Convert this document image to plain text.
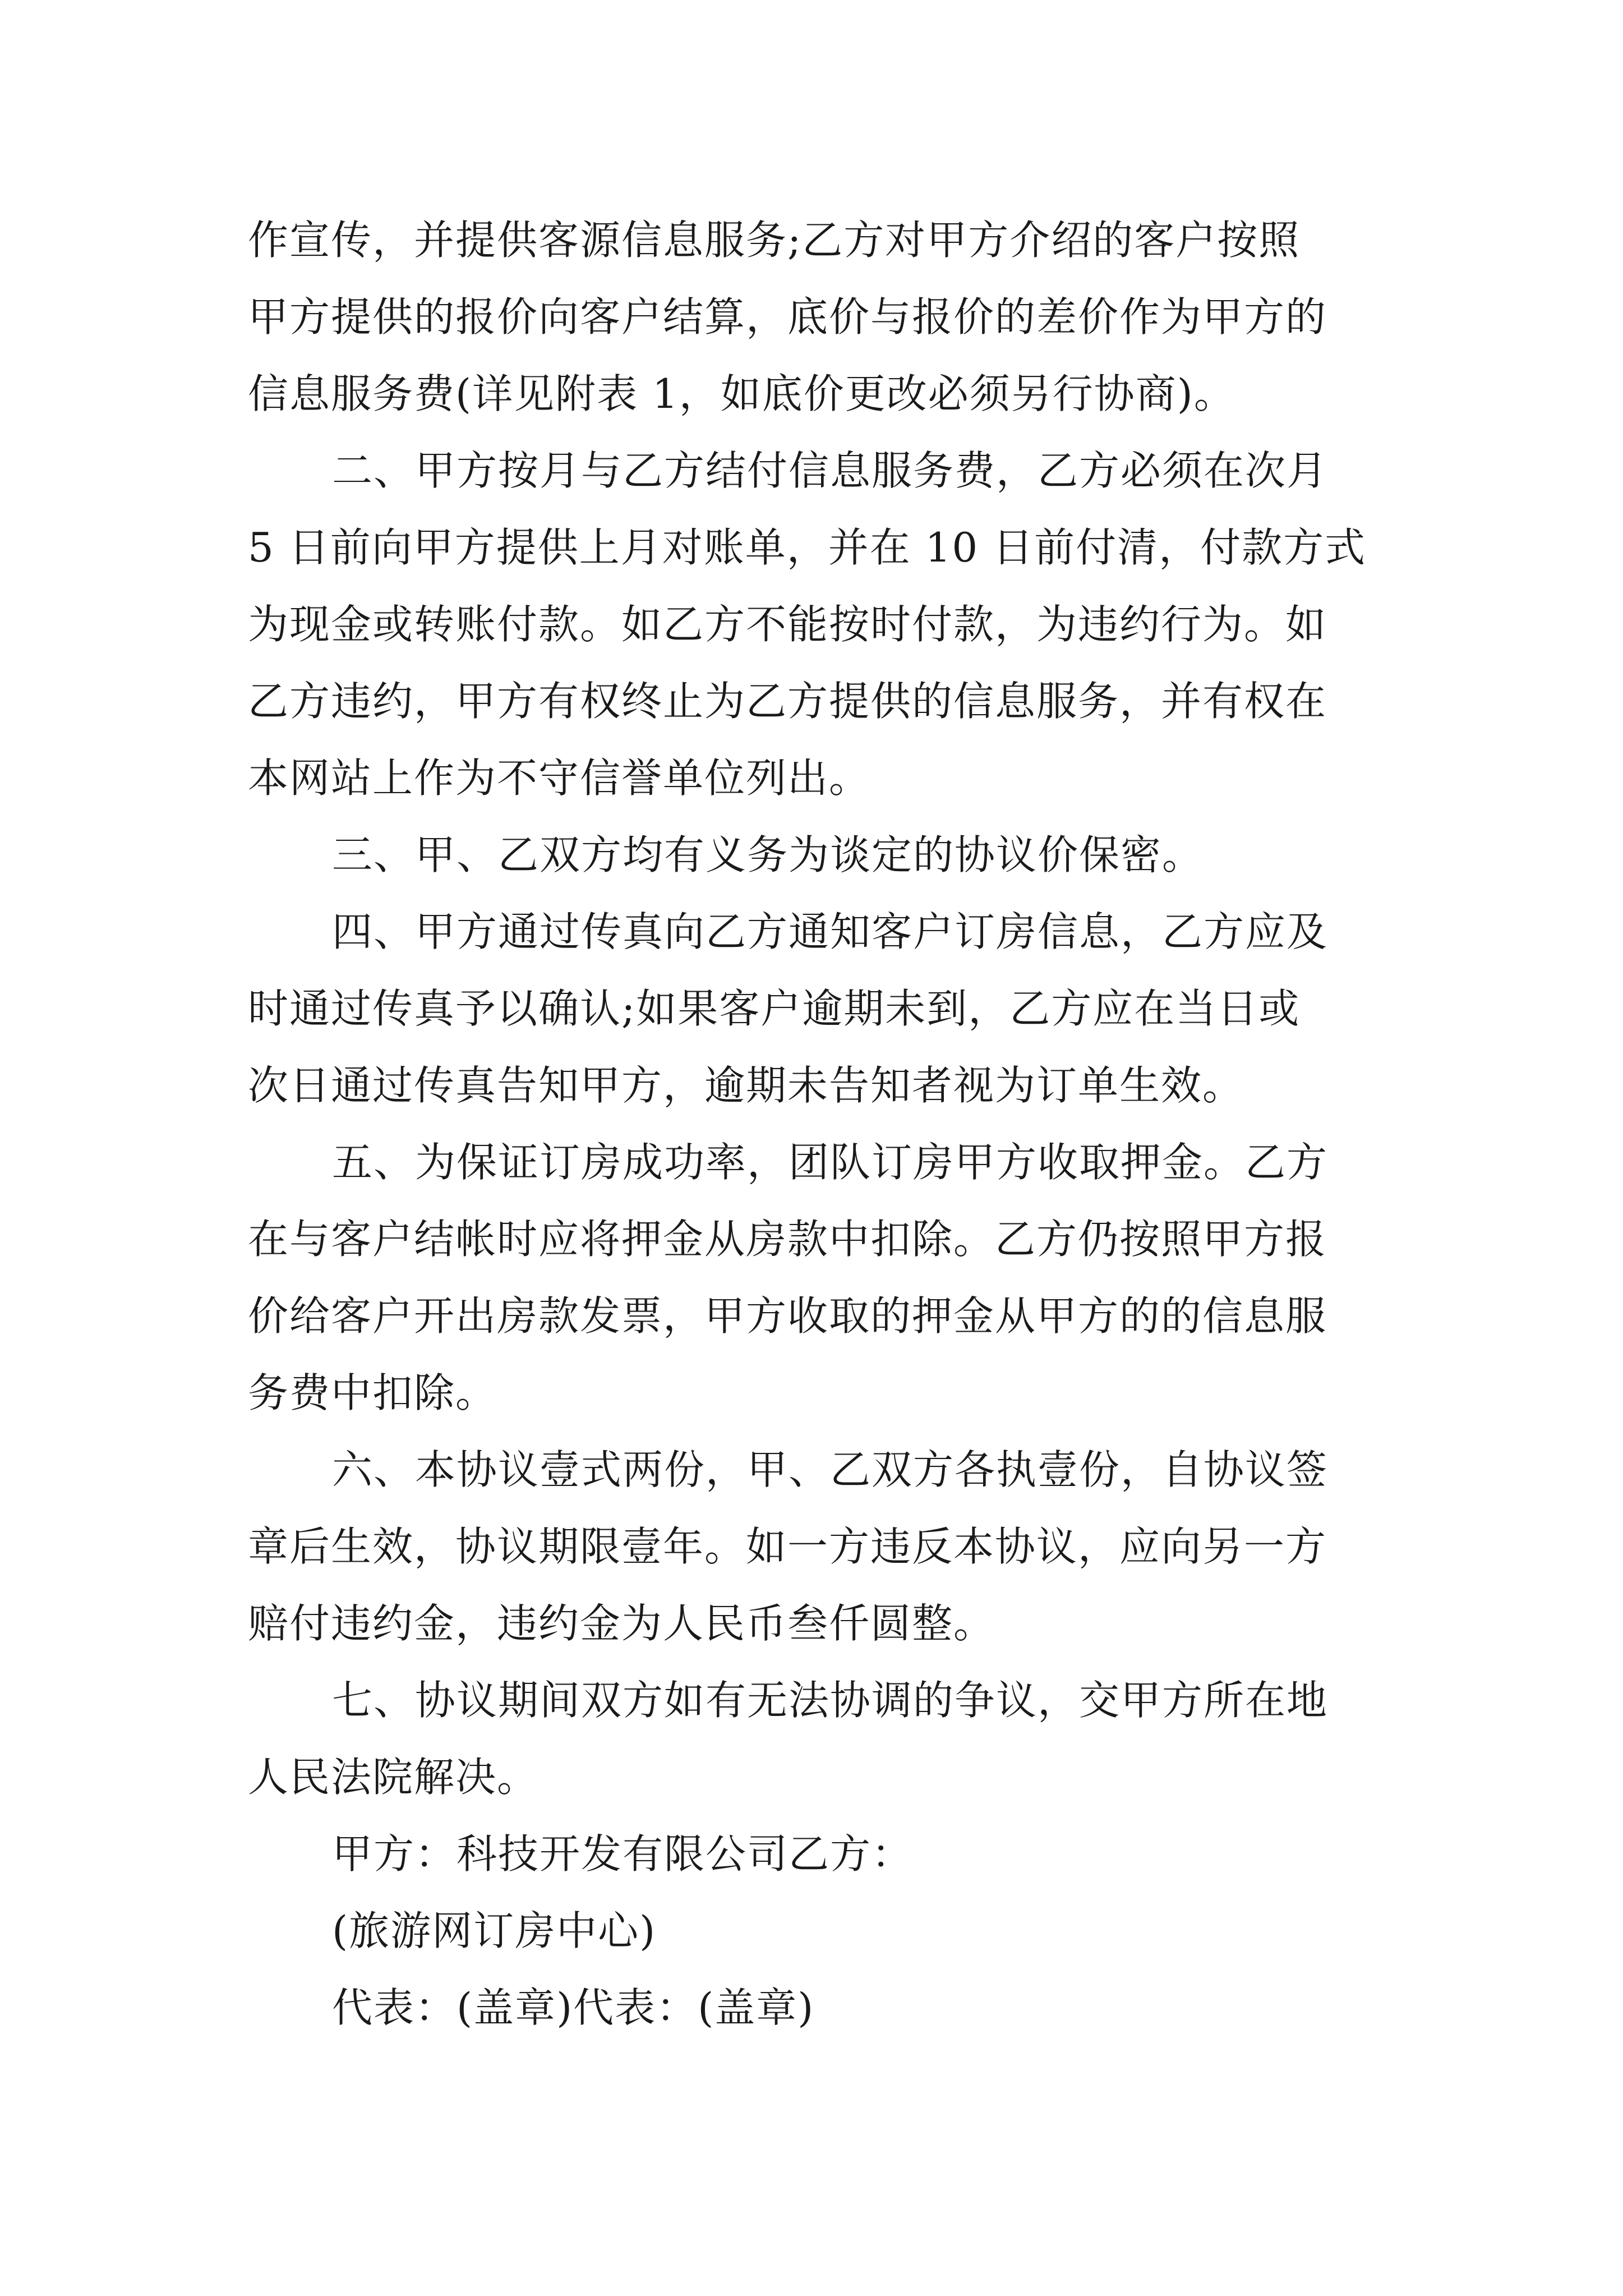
作宣传，并提供客源信息服务;乙方对甲方介绍的客户按照
甲方提供的报价向客户结算，底价与报价的差价作为甲方的
信息服务费(详见附表 1，如底价更改必须另行协商)。
二、甲方按月与乙方结付信息服务费，乙方必须在次月
5 日前向甲方提供上月对账单，并在 10 日前付清，付款方式
为现金或转账付款。如乙方不能按时付款，为违约行为。如
乙方违约，甲方有权终止为乙方提供的信息服务，并有权在
本网站上作为不守信誉单位列出。
三、甲、乙双方均有义务为谈定的协议价保密。
四、甲方通过传真向乙方通知客户订房信息，乙方应及
时通过传真予以确认;如果客户逾期未到，乙方应在当日或
次日通过传真告知甲方，逾期未告知者视为订单生效。
五、为保证订房成功率，团队订房甲方收取押金。乙方
在与客户结帐时应将押金从房款中扣除。乙方仍按照甲方报
价给客户开出房款发票，甲方收取的押金从甲方的的信息服
务费中扣除。
六、本协议壹式两份，甲、乙双方各执壹份，自协议签
章后生效，协议期限壹年。如一方违反本协议，应向另一方
赔付违约金，违约金为人民币叁仟圆整。
七、协议期间双方如有无法协调的争议，交甲方所在地
人民法院解决。
甲方：科技开发有限公司乙方：
(旅游网订房中心)
代表：(盖章)代表：(盖章)
